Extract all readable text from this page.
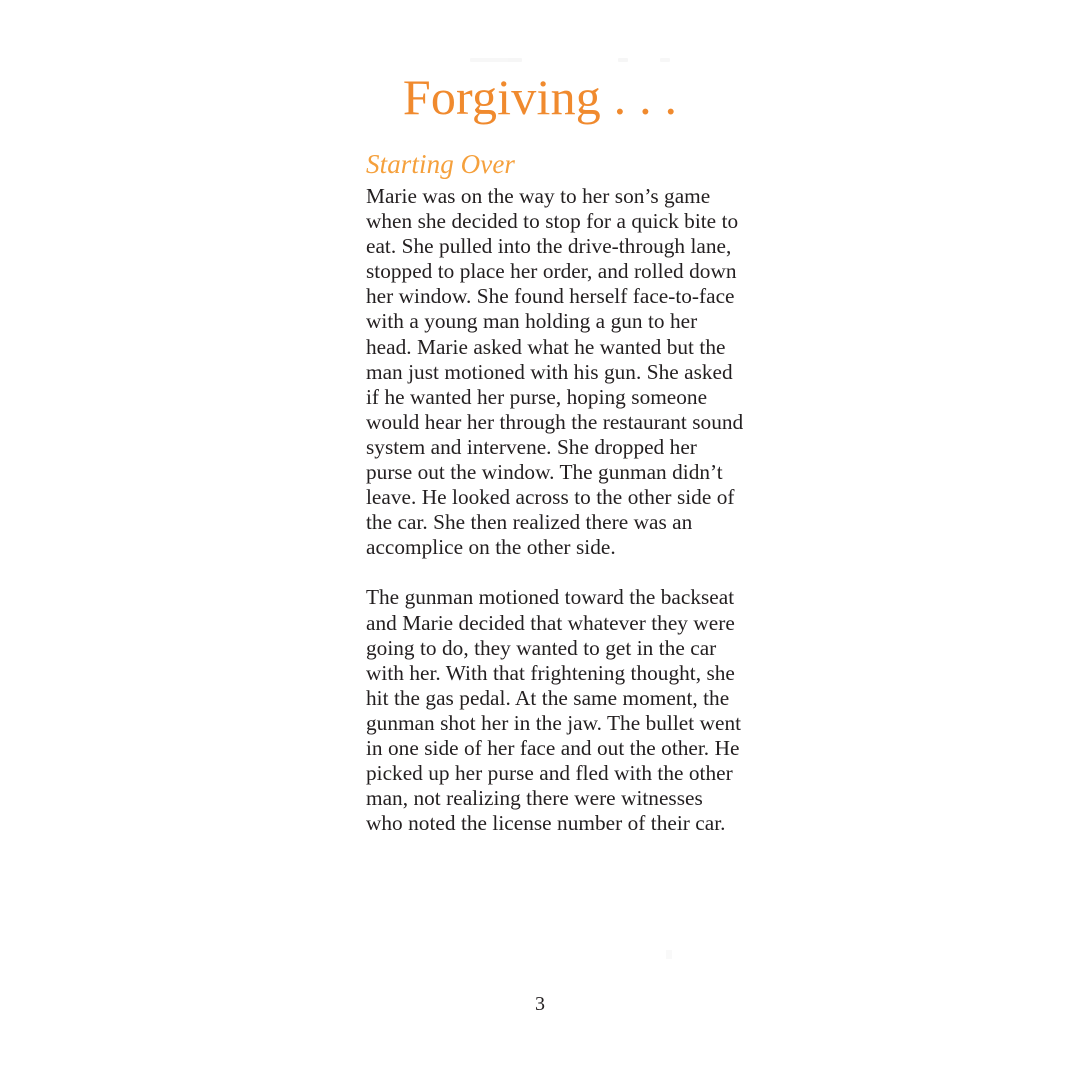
Forgiving . . .
Starting Over

Marie was on the way to her son’s game when she decided to stop for a quick bite to eat. She pulled into the drive-through lane, stopped to place her order, and rolled down her window. She found herself face-to-face with a young man holding a gun to her head. Marie asked what he wanted but the man just motioned with his gun. She asked if he wanted her purse, hoping someone would hear her through the restaurant sound system and intervene. She dropped her purse out the window. The gunman didn’t leave. He looked across to the other side of the car. She then realized there was an accomplice on the other side.

The gunman motioned toward the backseat and Marie decided that whatever they were going to do, they wanted to get in the car with her. With that frightening thought, she hit the gas pedal. At the same moment, the gunman shot her in the jaw. The bullet went in one side of her face and out the other. He picked up her purse and fled with the other man, not realizing there were witnesses who noted the license number of their car.

3
